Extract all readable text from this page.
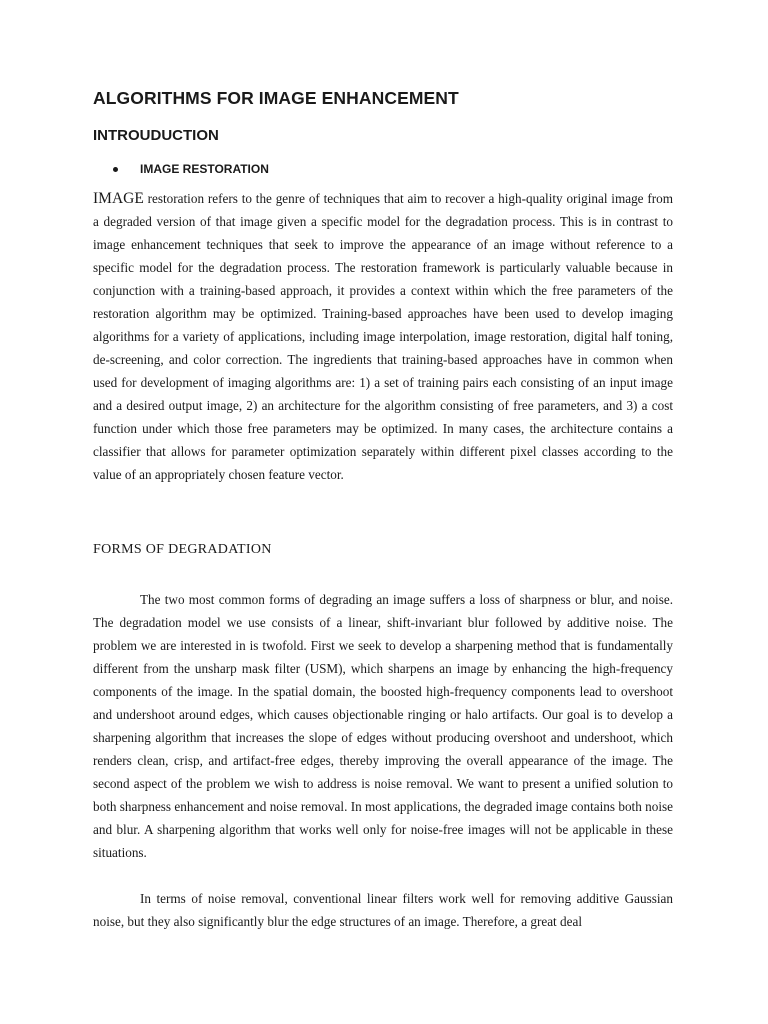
ALGORITHMS FOR IMAGE ENHANCEMENT
INTROUDUCTION
IMAGE RESTORATION

IMAGE restoration refers to the genre of techniques that aim to recover a high-quality original image from a degraded version of that image given a specific model for the degradation process. This is in contrast to image enhancement techniques that seek to improve the appearance of an image without reference to a specific model for the degradation process. The restoration framework is particularly valuable because in conjunction with a training-based approach, it provides a context within which the free parameters of the restoration algorithm may be optimized. Training-based approaches have been used to develop imaging algorithms for a variety of applications, including image interpolation, image restoration, digital half toning, de-screening, and color correction. The ingredients that training-based approaches have in common when used for development of imaging algorithms are: 1) a set of training pairs each consisting of an input image and a desired output image, 2) an architecture for the algorithm consisting of free parameters, and 3) a cost function under which those free parameters may be optimized. In many cases, the architecture contains a classifier that allows for parameter optimization separately within different pixel classes according to the value of an appropriately chosen feature vector.

FORMS OF DEGRADATION

The two most common forms of degrading an image suffers a loss of sharpness or blur, and noise. The degradation model we use consists of a linear, shift-invariant blur followed by additive noise. The problem we are interested in is twofold. First we seek to develop a sharpening method that is fundamentally different from the unsharp mask filter (USM), which sharpens an image by enhancing the high-frequency components of the image. In the spatial domain, the boosted high-frequency components lead to overshoot and undershoot around edges, which causes objectionable ringing or halo artifacts. Our goal is to develop a sharpening algorithm that increases the slope of edges without producing overshoot and undershoot, which renders clean, crisp, and artifact-free edges, thereby improving the overall appearance of the image. The second aspect of the problem we wish to address is noise removal. We want to present a unified solution to both sharpness enhancement and noise removal. In most applications, the degraded image contains both noise and blur. A sharpening algorithm that works well only for noise-free images will not be applicable in these situations.

In terms of noise removal, conventional linear filters work well for removing additive Gaussian noise, but they also significantly blur the edge structures of an image. Therefore, a great deal
